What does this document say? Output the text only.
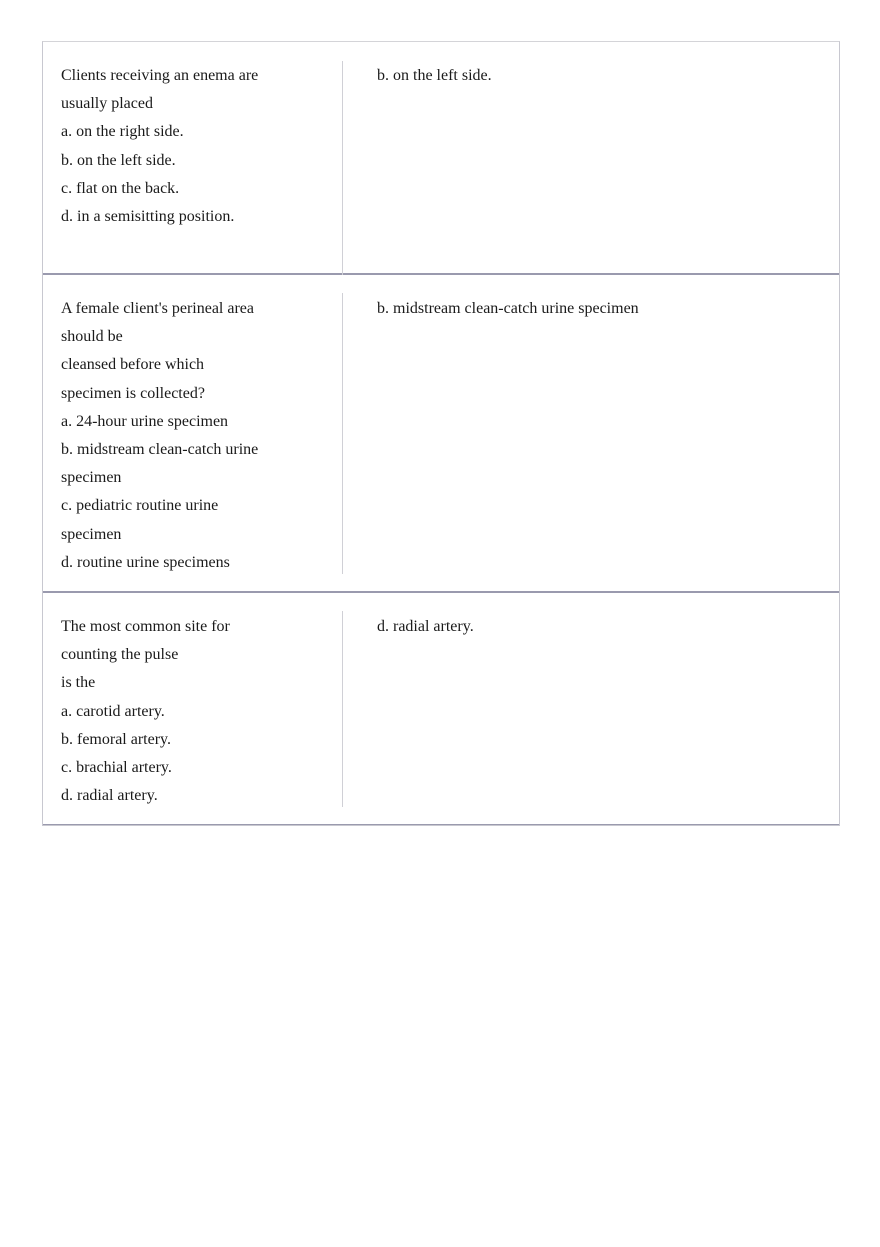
Clients receiving an enema are

usually placed

a. on the right side.

b. on the left side.

c. flat on the back.

d. in a semisitting position.

b. on the left side.

A female client's perineal area

should be

cleansed before which

specimen is collected?

a. 24-hour urine specimen

b. midstream clean-catch urine

specimen

c. pediatric routine urine

specimen

d. routine urine specimens

b. midstream clean-catch urine specimen

The most common site for

counting the pulse

is the

a. carotid artery.

b. femoral artery.

c. brachial artery.

d. radial artery.

d. radial artery.
